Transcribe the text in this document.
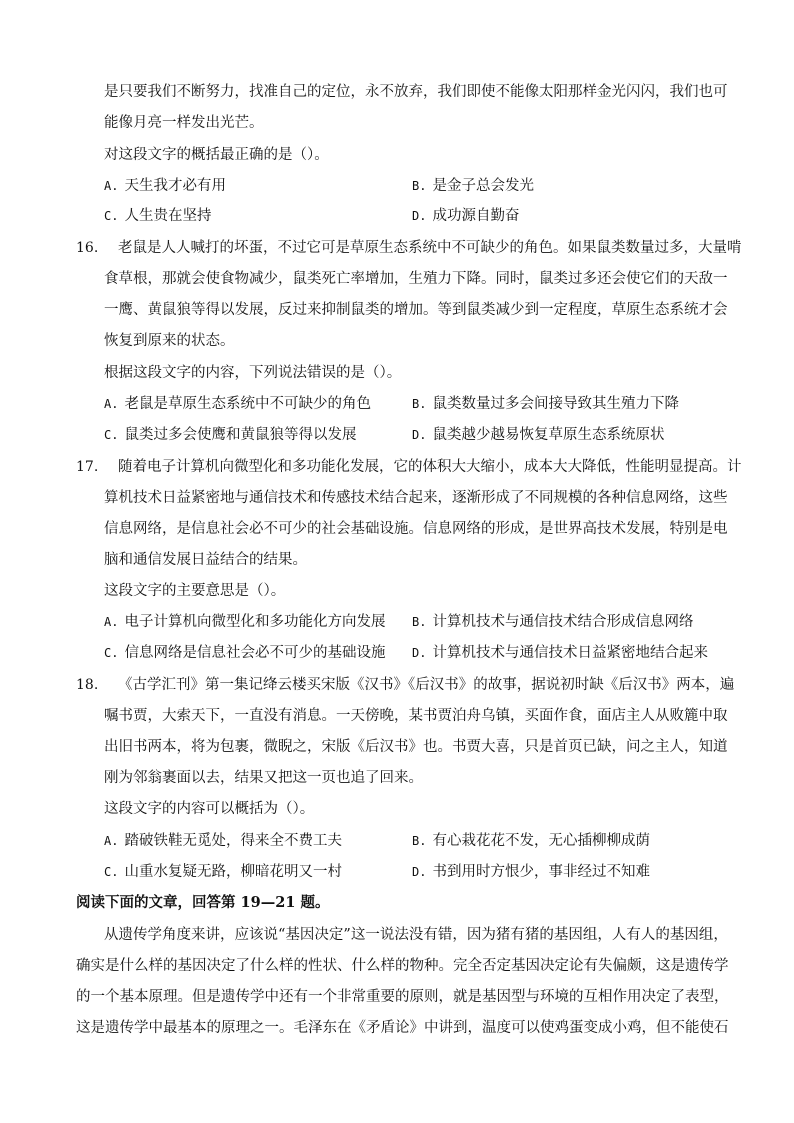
是只要我们不断努力，找准自己的定位，永不放弃，我们即使不能像太阳那样金光闪闪，我们也可
能像月亮一样发出光芒。
对这段文字的概括最正确的是（）。
A. 天生我才必有用	B. 是金子总会发光
C. 人生贵在坚持	D. 成功源自勤奋
16. 老鼠是人人喊打的坏蛋，不过它可是草原生态系统中不可缺少的角色。如果鼠类数量过多，大量啃
食草根，那就会使食物减少，鼠类死亡率增加，生殖力下降。同时，鼠类过多还会使它们的天敌一
一鹰、黄鼠狼等得以发展，反过来抑制鼠类的增加。等到鼠类减少到一定程度，草原生态系统才会
恢复到原来的状态。
根据这段文字的内容，下列说法错误的是（）。
A. 老鼠是草原生态系统中不可缺少的角色	B. 鼠类数量过多会间接导致其生殖力下降
C. 鼠类过多会使鹰和黄鼠狼等得以发展	D. 鼠类越少越易恢复草原生态系统原状
17. 随着电子计算机向微型化和多功能化发展，它的体积大大缩小，成本大大降低，性能明显提高。计
算机技术日益紧密地与通信技术和传感技术结合起来，逐渐形成了不同规模的各种信息网络，这些
信息网络，是信息社会必不可少的社会基础设施。信息网络的形成，是世界高技术发展，特别是电
脑和通信发展日益结合的结果。
这段文字的主要意思是（）。
A. 电子计算机向微型化和多功能化方向发展 B. 计算机技术与通信技术结合形成信息网络
C. 信息网络是信息社会必不可少的基础设施 D. 计算机技术与通信技术日益紧密地结合起来
18. 《古学汇刊》第一集记绛云楼买宋版《汉书》《后汉书》的故事，据说初时缺《后汉书》两本，遍
嘱书贾，大索天下，一直没有消息。一天傍晚，某书贾泊舟乌镇，买面作食，面店主人从败簏中取
出旧书两本，将为包裹，微睨之，宋版《后汉书》也。书贾大喜，只是首页已缺，问之主人，知道
刚为邻翁裹面以去，结果又把这一页也追了回来。
这段文字的内容可以概括为（）。
A. 踏破铁鞋无觅处，得来全不费工夫	B. 有心栽花花不发，无心插柳柳成荫
C. 山重水复疑无路，柳暗花明又一村	D. 书到用时方恨少，事非经过不知难
阅读下面的文章，回答第 19—21 题。
从遗传学角度来讲，应该说“基因决定”这一说法没有错，因为猪有猪的基因组，人有人的基因组，
确实是什么样的基因决定了什么样的性状、什么样的物种。完全否定基因决定论有失偏颇，这是遗传学
的一个基本原理。但是遗传学中还有一个非常重要的原则，就是基因型与环境的互相作用决定了表型，
这是遗传学中最基本的原理之一。毛泽东在《矛盾论》中讲到，温度可以使鸡蛋变成小鸡，但不能使石
